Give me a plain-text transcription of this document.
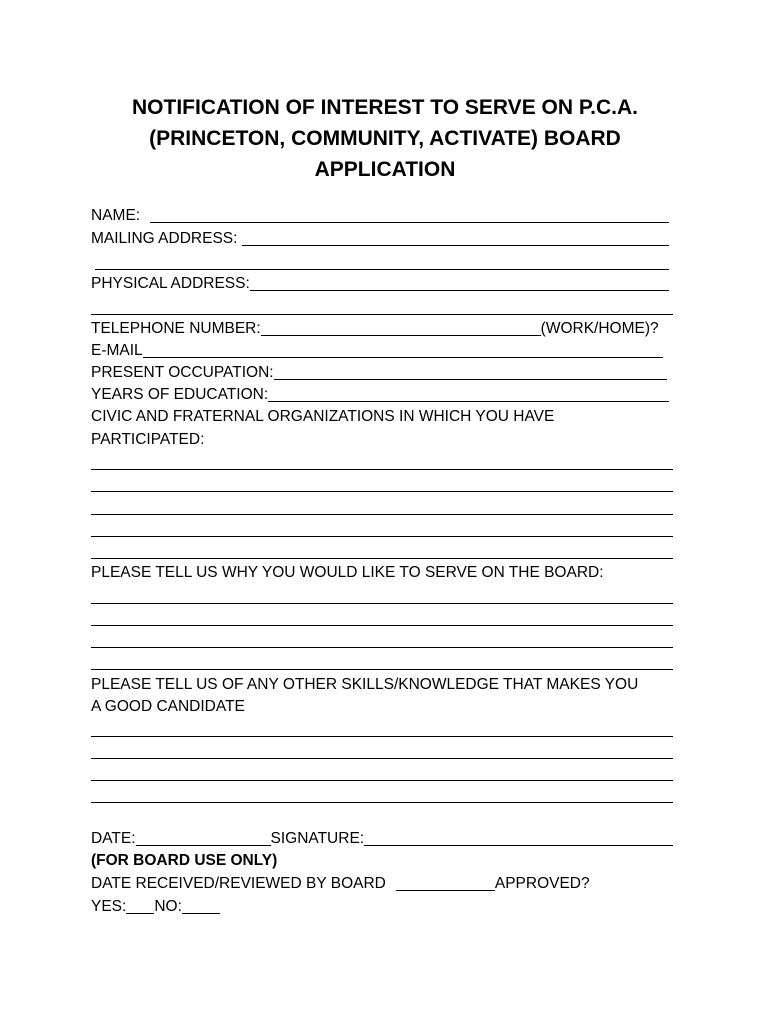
NOTIFICATION OF INTEREST TO SERVE ON P.C.A.
(PRINCETON, COMMUNITY, ACTIVATE) BOARD
APPLICATION
NAME:
MAILING ADDRESS:
PHYSICAL ADDRESS:
TELEPHONE NUMBER:	(WORK/HOME)?
E-MAIL
PRESENT OCCUPATION:
YEARS OF EDUCATION:
CIVIC AND FRATERNAL ORGANIZATIONS IN WHICH YOU HAVE
PARTICIPATED:
PLEASE TELL US WHY YOU WOULD LIKE TO SERVE ON THE BOARD:
PLEASE TELL US OF ANY OTHER SKILLS/KNOWLEDGE THAT MAKES YOU
A GOOD CANDIDATE
DATE:	SIGNATURE:
(FOR BOARD USE ONLY)
DATE RECEIVED/REVIEWED BY BOARD	APPROVED?
YES: NO:
